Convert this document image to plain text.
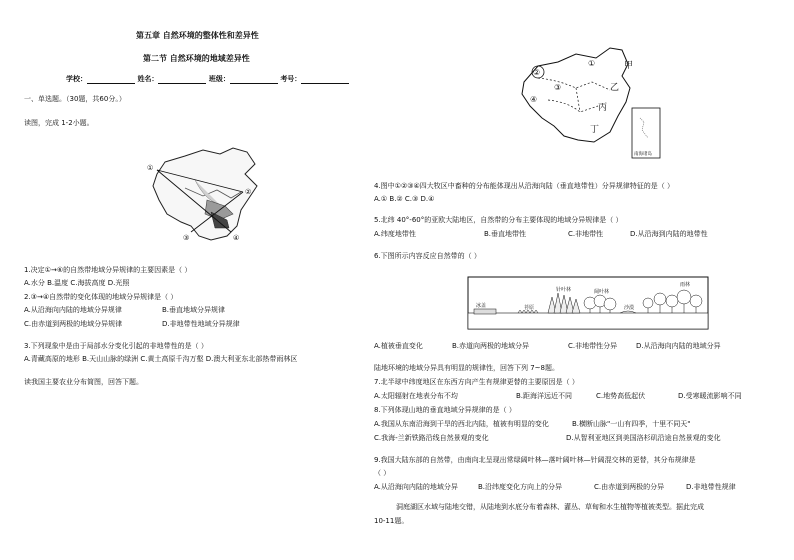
第五章 自然环境的整体性和差异性
第二节 自然环境的地域差异性
学校：	姓名：	班级：	考号：
一、单选题。（30题，共60分。）
读图，完成 1-2小题。
①
②
③	④
1.决定①→⑥的自然带地域分异规律的主要因素是（ ）
A.水分 B.温度 C.海拔高度 D.光照
2.③→④自然带的变化体现的地域分异规律是（ ）
A.从沿海向内陆的地域分异规律	B.垂直地域分异规律
C.由赤道到两极的地域分异规律	D.非地带性地域分异规律
3.下列现象中是由于局部水分变化引起的非地带性的是（ ）
A.青藏高原的地形 B.天山山脉的绿洲 C.黄土高原千沟万壑 D.澳大利亚东北部热带雨林区
读我国主要农业分布简图，回答下题。
②
③
④
①	甲
乙
丙
丁
南海诸岛
4.图中①②③④四大牧区中畜种的分布能体现出从沿海向陆（垂直地带性）分异规律特征的是（ ）
A.① B.② C.③ D.④
5.北纬 40°-60°的亚欧大陆地区，自然带的分布主要体现的地域分异规律是（ ）
A.纬度地带性	B.垂直地带性	C.非地带性	D.从沿海到内陆的地带性
6.下图所示内容反应自然带的（ ）
冰盖	苔原
针叶林	阔叶林
沙漠
雨林
A.植被垂直变化	B.赤道向两极的地域分异	C.非地带性分异	D.从沿海向内陆的地域分异
陆地环境的地域分异具有明显的规律性，回答下列 7~8题。
7.北半球中纬度地区在东西方向产生有规律更替的主要原因是（ ）
A.太阳辐射在地表分布不均	B.距海洋远近不同	C.地势高低起伏	D.受寒暖流影响不同
8.下列体现山地的垂直地域分异规律的是（ ）
A.我国从东南沿海到干旱的西北内陆，植被有明显的变化	B.横断山脉"一山有四季，十里不同天"
C.我海-兰新铁路沿线自然景观的变化	D.从智利亚地区到美国洛杉矶沿途自然景观的变化
9.我国大陆东部的自然带，由南向北呈现出常绿阔叶林—落叶阔叶林—针阔混交林的更替，其分布规律是
（ ）
A.从沿海向内陆的地域分异	B.沿纬度变化方向上的分异	C.由赤道到两极的分异	D.非地带性规律
洞庭湖区水域与陆地交错，从陆地到水底分布着森林、灌丛、草甸和水生植物等植被类型。据此完成
10-11题。
